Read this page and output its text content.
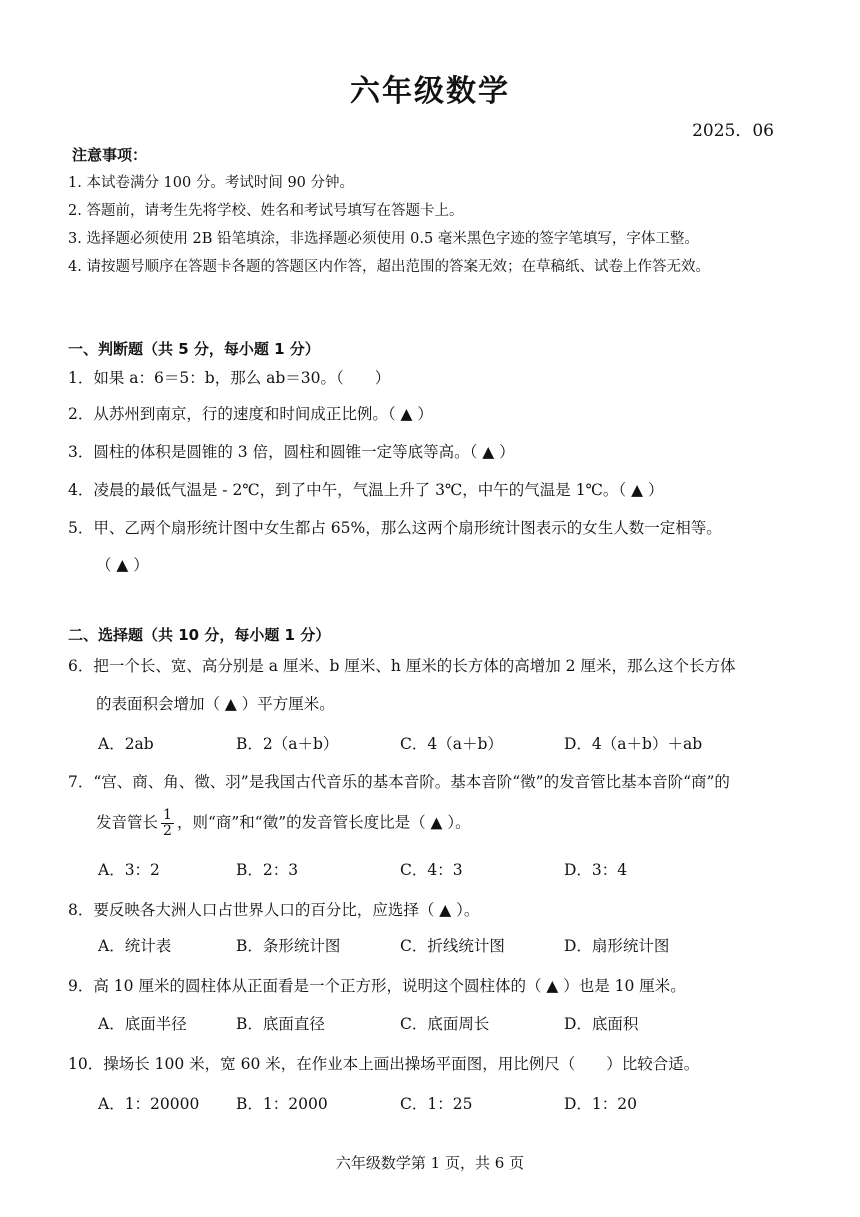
六年级数学
2025．06
注意事项：
1. 本试卷满分 100 分。考试时间 90 分钟。
2. 答题前，请考生先将学校、姓名和考试号填写在答题卡上。
3. 选择题必须使用 2B 铅笔填涂，非选择题必须使用 0.5 毫米黑色字迹的签字笔填写，字体工整。
4. 请按题号顺序在答题卡各题的答题区内作答，超出范围的答案无效；在草稿纸、试卷上作答无效。
一、判断题（共 5 分，每小题 1 分）
1．如果 a：6＝5：b，那么 ab＝30。（　　）
2．从苏州到南京，行的速度和时间成正比例。（ ▲ ）
3．圆柱的体积是圆锥的 3 倍，圆柱和圆锥一定等底等高。（ ▲ ）
4．凌晨的最低气温是 - 2℃，到了中午，气温上升了 3℃，中午的气温是 1℃。（ ▲ ）
5．甲、乙两个扇形统计图中女生都占 65%，那么这两个扇形统计图表示的女生人数一定相等。
（ ▲ ）
二、选择题（共 10 分，每小题 1 分）
6．把一个长、宽、高分别是 a 厘米、b 厘米、h 厘米的长方体的高增加 2 厘米，那么这个长方体
的表面积会增加（ ▲ ）平方厘米。
A．2ab	B．2（a＋b）	C．4（a＋b）	D．4（a＋b）＋ab
7．“宫、商、角、徵、羽”是我国古代音乐的基本音阶。基本音阶“徵”的发音管比基本音阶“商”的
发音管长 $\frac{1}{2}$ ，则“商”和“徵”的发音管长度比是（ ▲ ）。
A．3：2	B．2：3	C．4：3	D．3：4
8．要反映各大洲人口占世界人口的百分比，应选择（ ▲ ）。
A．统计表	B．条形统计图	C．折线统计图	D．扇形统计图
9．高 10 厘米的圆柱体从正面看是一个正方形，说明这个圆柱体的（ ▲ ）也是 10 厘米。
A．底面半径	B．底面直径	C．底面周长	D．底面积
10．操场长 100 米，宽 60 米，在作业本上画出操场平面图，用比例尺（　　）比较合适。
A．1：20000 B．1：2000	C．1：25	D．1：20
六年级数学第 1 页，共 6 页
